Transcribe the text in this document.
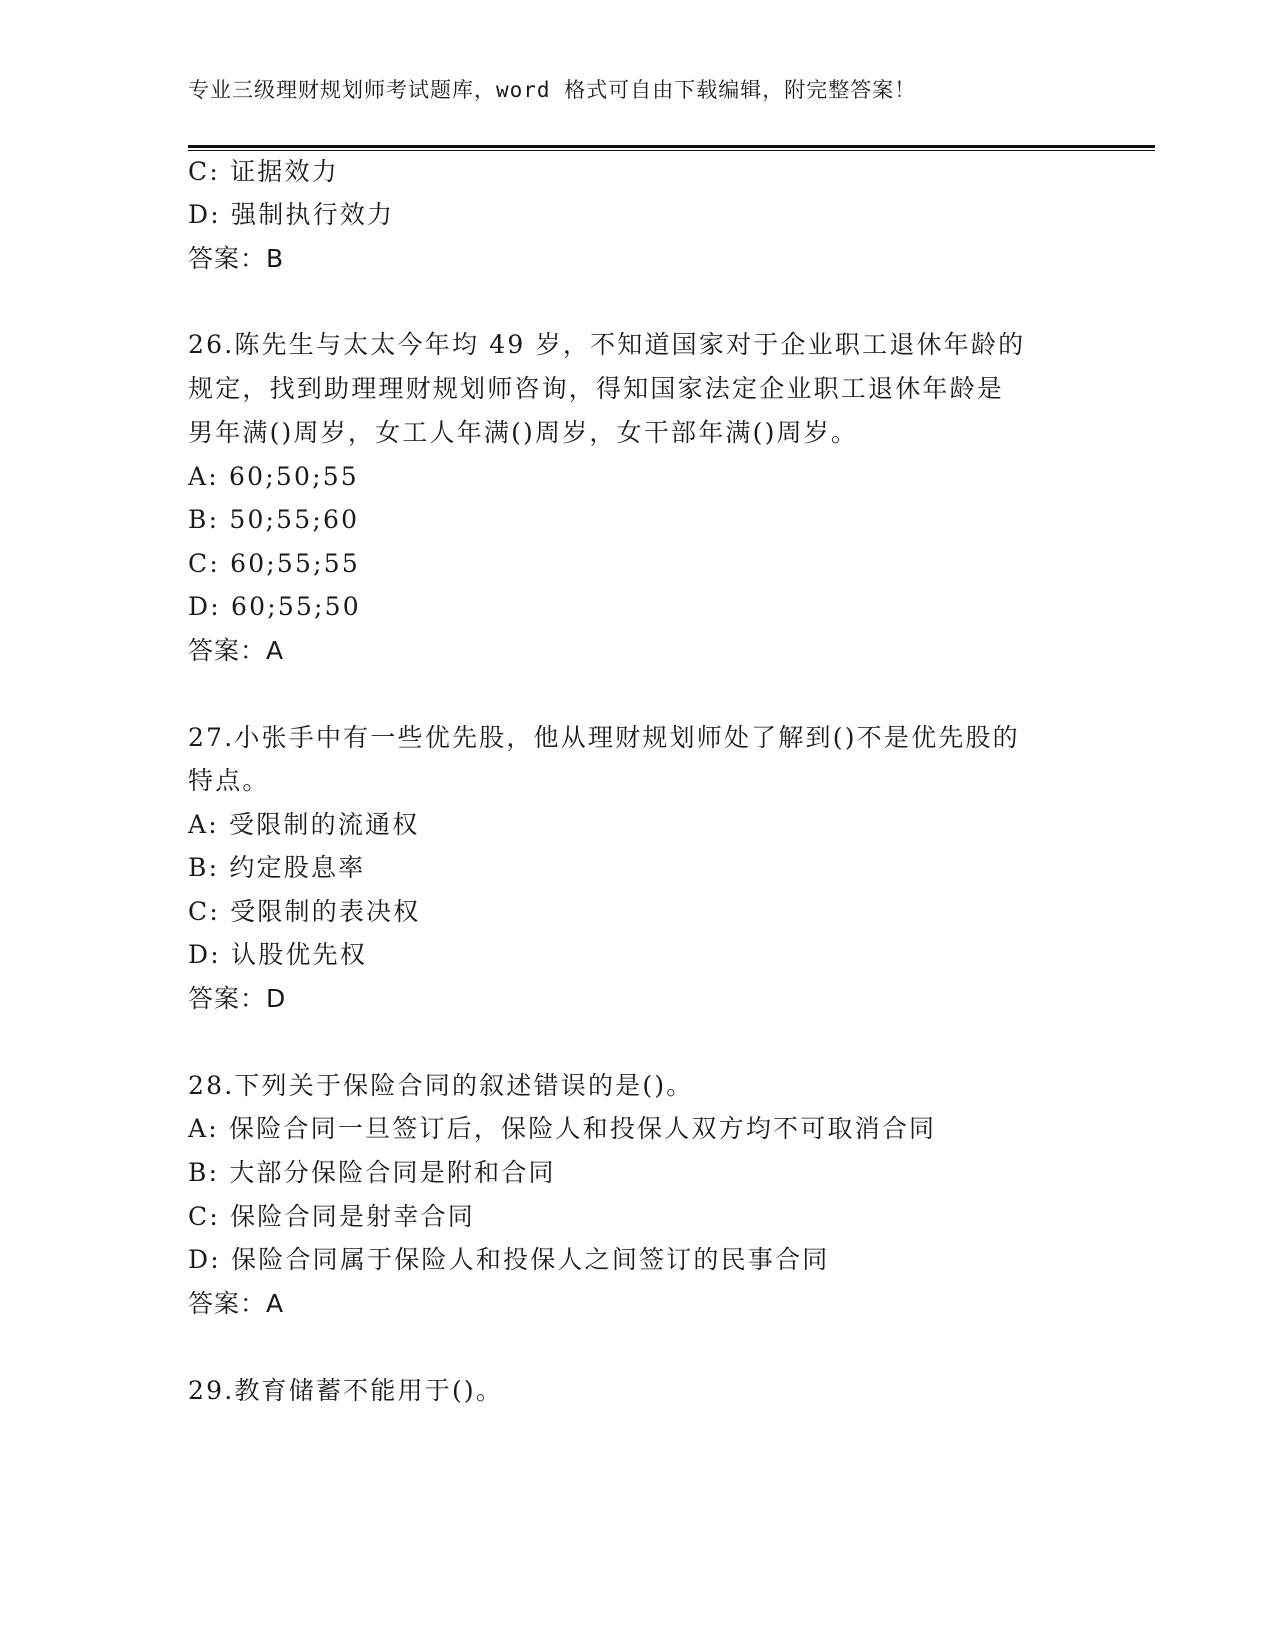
专业三级理财规划师考试题库，word 格式可自由下载编辑，附完整答案！
C: 证据效力
D: 强制执行效力
答案：B
26.陈先生与太太今年均 49 岁，不知道国家对于企业职工退休年龄的
规定，找到助理理财规划师咨询，得知国家法定企业职工退休年龄是
男年满()周岁，女工人年满()周岁，女干部年满()周岁。
A: 60;50;55
B: 50;55;60
C: 60;55;55
D: 60;55;50
答案：A
27.小张手中有一些优先股，他从理财规划师处了解到()不是优先股的
特点。
A: 受限制的流通权
B: 约定股息率
C: 受限制的表决权
D: 认股优先权
答案：D
28.下列关于保险合同的叙述错误的是()。
A: 保险合同一旦签订后，保险人和投保人双方均不可取消合同
B: 大部分保险合同是附和合同
C: 保险合同是射幸合同
D: 保险合同属于保险人和投保人之间签订的民事合同
答案：A
29.教育储蓄不能用于()。
